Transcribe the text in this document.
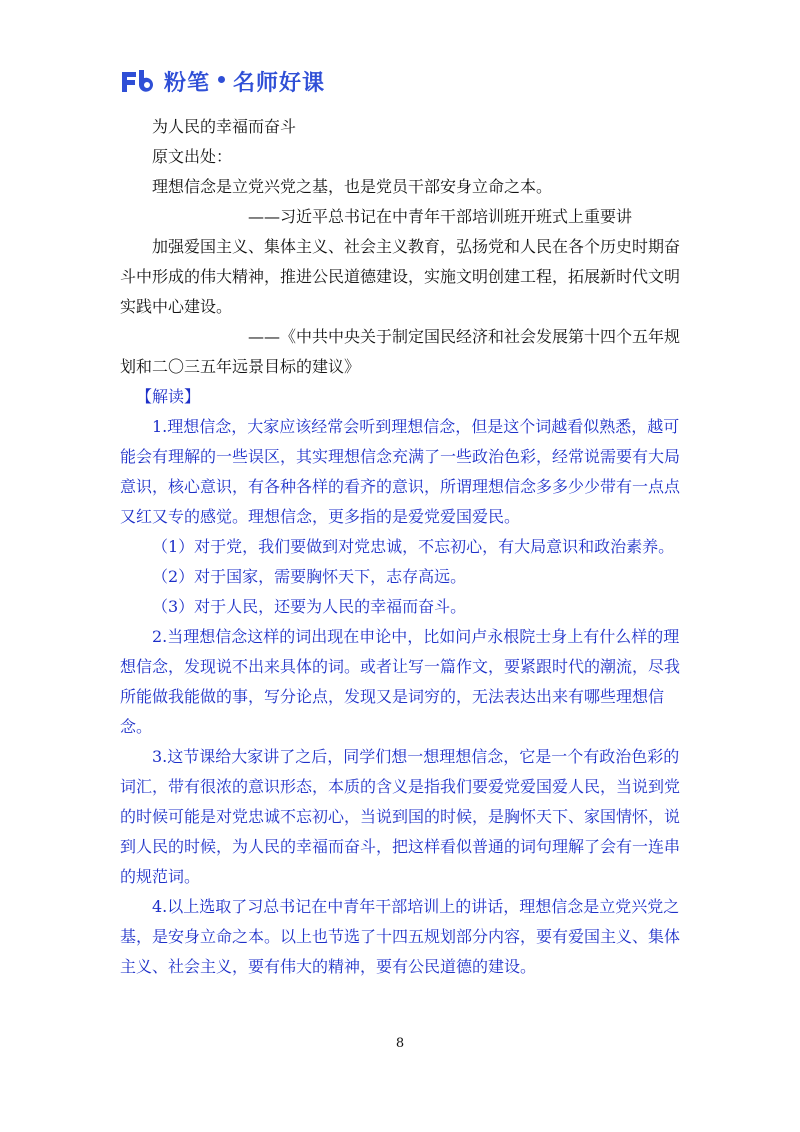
粉笔 名师好课

为人民的幸福而奋斗

原文出处：

理想信念是立党兴党之基，也是党员干部安身立命之本。

——习近平总书记在中青年干部培训班开班式上重要讲

加强爱国主义、集体主义、社会主义教育，弘扬党和人民在各个历史时期奋斗中形成的伟大精神，推进公民道德建设，实施文明创建工程，拓展新时代文明实践中心建设。

——《中共中央关于制定国民经济和社会发展第十四个五年规划和二〇三五年远景目标的建议》

【解读】

1.理想信念，大家应该经常会听到理想信念，但是这个词越看似熟悉，越可能会有理解的一些误区，其实理想信念充满了一些政治色彩，经常说需要有大局意识，核心意识，有各种各样的看齐的意识，所谓理想信念多多少少带有一点点又红又专的感觉。理想信念，更多指的是爱党爱国爱民。

（1）对于党，我们要做到对党忠诚，不忘初心，有大局意识和政治素养。

（2）对于国家，需要胸怀天下，志存高远。

（3）对于人民，还要为人民的幸福而奋斗。

2.当理想信念这样的词出现在申论中，比如问卢永根院士身上有什么样的理想信念，发现说不出来具体的词。或者让写一篇作文，要紧跟时代的潮流，尽我所能做我能做的事，写分论点，发现又是词穷的，无法表达出来有哪些理想信念。

3.这节课给大家讲了之后，同学们想一想理想信念，它是一个有政治色彩的词汇，带有很浓的意识形态，本质的含义是指我们要爱党爱国爱人民，当说到党的时候可能是对党忠诚不忘初心，当说到国的时候，是胸怀天下、家国情怀，说到人民的时候，为人民的幸福而奋斗，把这样看似普通的词句理解了会有一连串的规范词。

4.以上选取了习总书记在中青年干部培训上的讲话，理想信念是立党兴党之基，是安身立命之本。以上也节选了十四五规划部分内容，要有爱国主义、集体主义、社会主义，要有伟大的精神，要有公民道德的建设。

8
